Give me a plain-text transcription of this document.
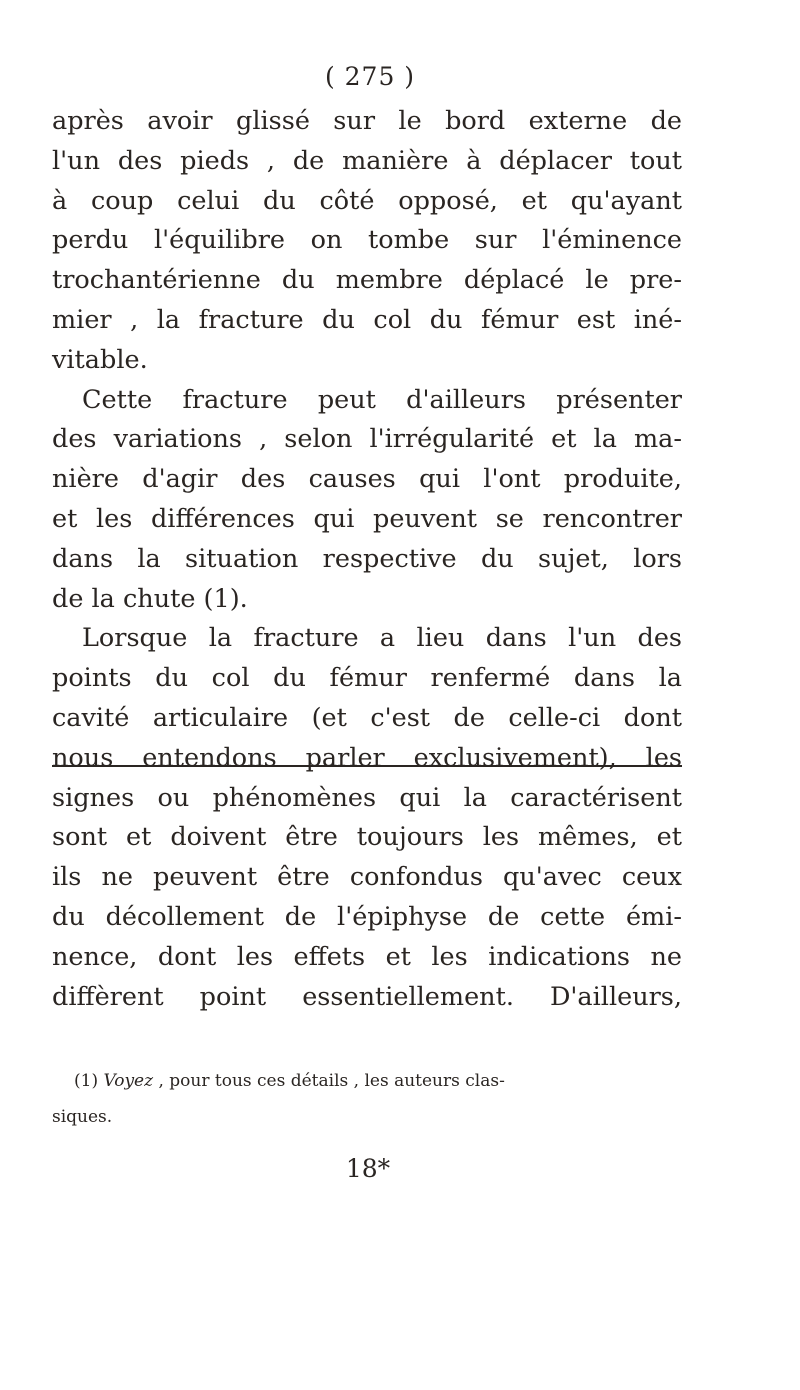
( 275 )
après avoir glissé sur le bord externe de
l'un des pieds , de manière à déplacer tout
à coup celui du côté opposé, et qu'ayant
perdu l'équilibre on tombe sur l'éminence
trochantérienne du membre déplacé le pre-
mier , la fracture du col du fémur est iné-
vitable.
Cette fracture peut d'ailleurs présenter
des variations , selon l'irrégularité et la ma-
nière d'agir des causes qui l'ont produite,
et les différences qui peuvent se rencontrer
dans la situation respective du sujet, lors
de la chute (1).
Lorsque la fracture a lieu dans l'un des
points du col du fémur renfermé dans la
cavité articulaire (et c'est de celle-ci dont
nous entendons parler exclusivement), les
signes ou phénomènes qui la caractérisent
sont et doivent être toujours les mêmes, et
ils ne peuvent être confondus qu'avec ceux
du décollement de l'épiphyse de cette émi-
nence, dont les effets et les indications ne
diffèrent point essentiellement. D'ailleurs,
(1) Voyez , pour tous ces détails , les auteurs clas-
siques.
18*
